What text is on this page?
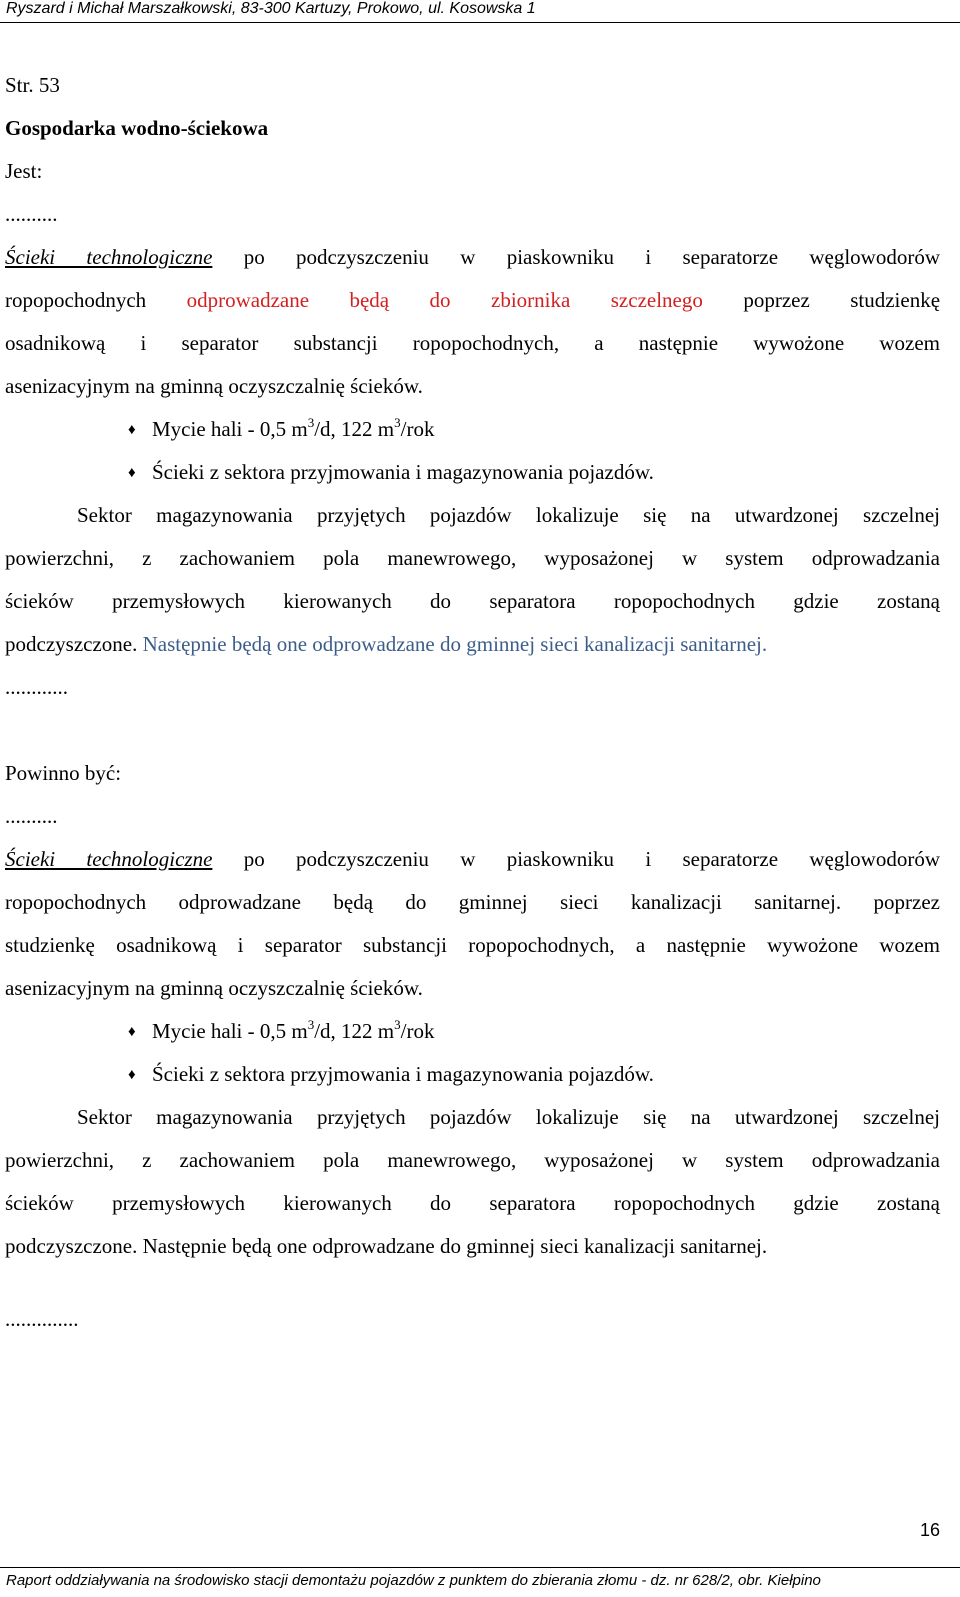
Ryszard i Michał Marszałkowski, 83-300 Kartuzy, Prokowo, ul. Kosowska 1
Str. 53
Gospodarka wodno-ściekowa
Jest:
..........
Ścieki technologiczne po podczyszczeniu w piaskowniku i separatorze węglowodorów
ropopochodnych odprowadzane będą do zbiornika szczelnego poprzez studzienkę
osadnikową i separator substancji ropopochodnych, a następnie wywożone wozem
asenizacyjnym na gminną oczyszczalnię ścieków.
♦ Mycie hali - 0,5 $m^3/d$, 122 $m^3$/rok
♦ Ścieki z sektora przyjmowania i magazynowania pojazdów.
Sektor magazynowania przyjętych pojazdów lokalizuje się na utwardzonej szczelnej
powierzchni, z zachowaniem pola manewrowego, wyposażonej w system odprowadzania
ścieków przemysłowych kierowanych do separatora ropopochodnych gdzie zostaną
podczyszczone. Następnie będą one odprowadzane do gminnej sieci kanalizacji sanitarnej.
............
Powinno być:
..........
Ścieki technologiczne po podczyszczeniu w piaskowniku i separatorze węglowodorów
ropopochodnych odprowadzane będą do gminnej sieci kanalizacji sanitarnej. poprzez
studzienkę osadnikową i separator substancji ropopochodnych, a następnie wywożone wozem
asenizacyjnym na gminną oczyszczalnię ścieków.
♦ Mycie hali - 0,5 $m^3/d$, 122 $m^3$/rok
♦ Ścieki z sektora przyjmowania i magazynowania pojazdów.
Sektor magazynowania przyjętych pojazdów lokalizuje się na utwardzonej szczelnej
powierzchni, z zachowaniem pola manewrowego, wyposażonej w system odprowadzania
ścieków przemysłowych kierowanych do separatora ropopochodnych gdzie zostaną
podczyszczone. Następnie będą one odprowadzane do gminnej sieci kanalizacji sanitarnej.
..............
16
Raport oddziaływania na środowisko stacji demontażu pojazdów z punktem do zbierania złomu - dz. nr 628/2, obr. Kiełpino
